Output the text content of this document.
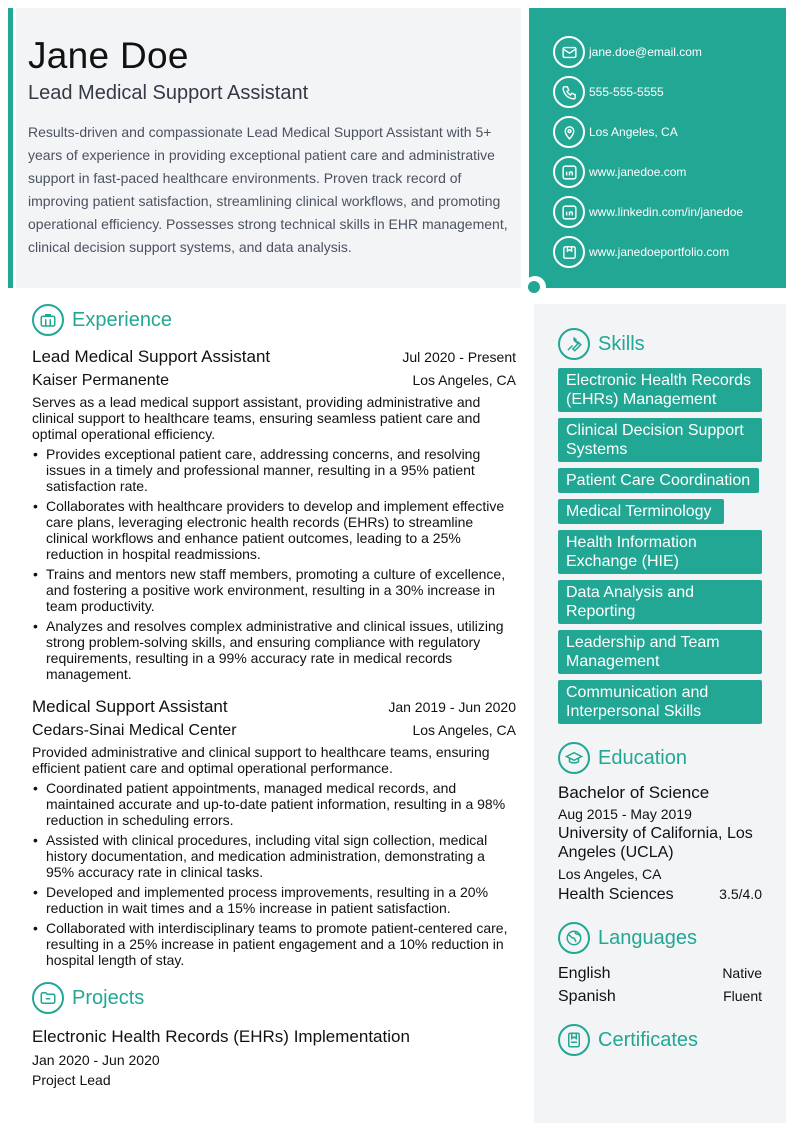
Jane Doe
Lead Medical Support Assistant

Results-driven and compassionate Lead Medical Support Assistant with 5+ years of experience in providing exceptional patient care and administrative support in fast-paced healthcare environments. Proven track record of improving patient satisfaction, streamlining clinical workflows, and promoting operational efficiency. Possesses strong technical skills in EHR management, clinical decision support systems, and data analysis.

jane.doe@email.com
555-555-5555
Los Angeles, CA
www.janedoe.com
www.linkedin.com/in/janedoe
www.janedoeportfolio.com
Experience
Lead Medical Support Assistant	Jul 2020 - Present
Kaiser Permanente	Los Angeles, CA

Serves as a lead medical support assistant, providing administrative and clinical support to healthcare teams, ensuring seamless patient care and optimal operational efficiency.

• Provides exceptional patient care, addressing concerns, and resolving issues in a timely and professional manner, resulting in a 95% patient satisfaction rate.
• Collaborates with healthcare providers to develop and implement effective care plans, leveraging electronic health records (EHRs) to streamline clinical workflows and enhance patient outcomes, leading to a 25% reduction in hospital readmissions.
• Trains and mentors new staff members, promoting a culture of excellence, and fostering a positive work environment, resulting in a 30% increase in team productivity.
• Analyzes and resolves complex administrative and clinical issues, utilizing strong problem-solving skills, and ensuring compliance with regulatory requirements, resulting in a 99% accuracy rate in medical records management.
Medical Support Assistant	Jan 2019 - Jun 2020
Cedars-Sinai Medical Center	Los Angeles, CA

Provided administrative and clinical support to healthcare teams, ensuring efficient patient care and optimal operational performance.

• Coordinated patient appointments, managed medical records, and maintained accurate and up-to-date patient information, resulting in a 98% reduction in scheduling errors.
• Assisted with clinical procedures, including vital sign collection, medical history documentation, and medication administration, demonstrating a 95% accuracy rate in clinical tasks.
• Developed and implemented process improvements, resulting in a 20% reduction in wait times and a 15% increase in patient satisfaction.
• Collaborated with interdisciplinary teams to promote patient-centered care, resulting in a 25% increase in patient engagement and a 10% reduction in hospital length of stay.
Projects
Electronic Health Records (EHRs) Implementation
Jan 2020 - Jun 2020
Project Lead
Skills
Electronic Health Records (EHRs) Management Clinical Decision Support Systems Patient Care Coordination Medical Terminology Health Information Exchange (HIE) Data Analysis and Reporting Leadership and Team Management Communication and Interpersonal Skills
Education
Bachelor of Science
Aug 2015 - May 2019
University of California, Los Angeles (UCLA)
Los Angeles, CA
Health Sciences	3.5/4.0
Languages
English	Native
Spanish	Fluent
Certificates
